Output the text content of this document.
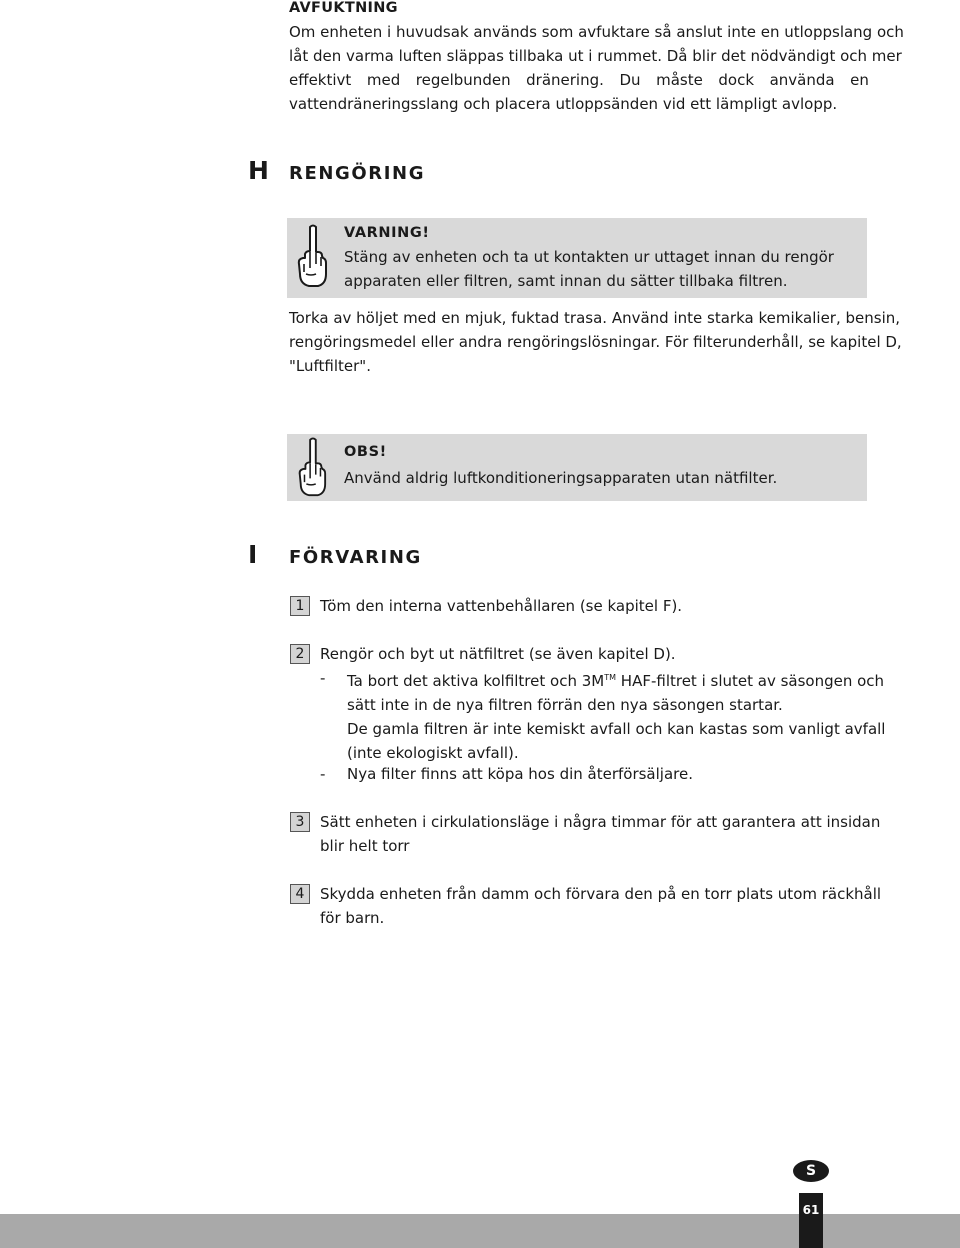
AVFUKTNING
Om enheten i huvudsak används som avfuktare så anslut inte en utloppslang och
låt den varma luften släppas tillbaka ut i rummet. Då blir det nödvändigt och mer
effektivt med regelbunden dränering. Du måste dock använda en
vattendräneringsslang och placera utloppsänden vid ett lämpligt avlopp.
H RENGÖRING
VARNING!
Stäng av enheten och ta ut kontakten ur uttaget innan du rengör
apparaten eller filtren, samt innan du sätter tillbaka filtren.
Torka av höljet med en mjuk, fuktad trasa. Använd inte starka kemikalier, bensin,
rengöringsmedel eller andra rengöringslösningar. För filterunderhåll, se kapitel D,
"Luftfilter".
OBS!
Använd aldrig luftkonditioneringsapparaten utan nätfilter.
I FÖRVARING
1	Töm den interna vattenbehållaren (se kapitel F).
2	Rengör och byt ut nätfiltret (se även kapitel D).
- Ta bort det aktiva kolfiltret och 3M™ HAF-filtret i slutet av säsongen och
sätt inte in de nya filtren förrän den nya säsongen startar.
De gamla filtren är inte kemiskt avfall och kan kastas som vanligt avfall
(inte ekologiskt avfall).
- Nya filter finns att köpa hos din återförsäljare.
3	Sätt enheten i cirkulationsläge i några timmar för att garantera att insidan
blir helt torr
4	Skydda enheten från damm och förvara den på en torr plats utom räckhåll
för barn.
S
61
